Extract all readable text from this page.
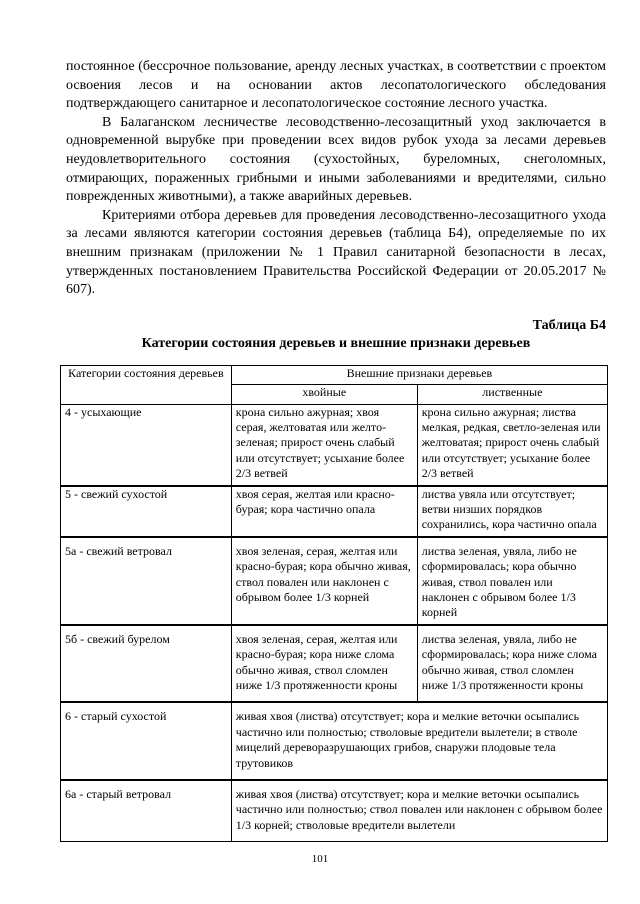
постоянное (бессрочное пользование, аренду лесных участках, в соответствии с проектом освоения лесов и на основании актов лесопатологического обследования подтверждающего санитарное и лесопатологическое состояние лесного участка.

В Балаганском лесничестве лесоводственно-лесозащитный уход заключается в одновременной вырубке при проведении всех видов рубок ухода за лесами деревьев неудовлетворительного состояния (сухостойных, буреломных, снеголомных, отмирающих, пораженных грибными и иными заболеваниями и вредителями, сильно поврежденных животными), а также аварийных деревьев.

Критериями отбора деревьев для проведения лесоводственно-лесозащитного ухода за лесами являются категории состояния деревьев (таблица Б4), определяемые по их внешним признакам (приложении № 1 Правил санитарной безопасности в лесах, утвержденных постановлением Правительства Российской Федерации от 20.05.2017 № 607).

Таблица Б4
Категории состояния деревьев и внешние признаки деревьев
Категории состояния деревьев	Внешние признаки деревьев	
	хвойные	лиственные
4 - усыхающие	крона сильно ажурная; хвоя серая, желтоватая или желто-зеленая; прирост очень слабый или отсутствует; усыхание более 2/3 ветвей	крона сильно ажурная; листва мелкая, редкая, светло-зеленая или желтоватая; прирост очень слабый или отсутствует; усыхание более 2/3 ветвей
5 - свежий сухостой	хвоя серая, желтая или красно-бурая; кора частично опала	листва увяла или отсутствует; ветви низших порядков сохранились, кора частично опала
5а - свежий ветровал	хвоя зеленая, серая, желтая или красно-бурая; кора обычно живая, ствол повален или наклонен с обрывом более 1/3 корней	листва зеленая, увяла, либо не сформировалась; кора обычно живая, ствол повален или наклонен с обрывом более 1/3 корней
5б - свежий бурелом	хвоя зеленая, серая, желтая или красно-бурая; кора ниже слома обычно живая, ствол сломлен ниже 1/3 протяженности кроны	листва зеленая, увяла, либо не сформировалась; кора ниже слома обычно живая, ствол сломлен ниже 1/3 протяженности кроны
6 - старый сухостой	живая хвоя (листва) отсутствует; кора и мелкие веточки осыпались частично или полностью; стволовые вредители вылетели; в стволе мицелий дереворазрушающих грибов, снаружи плодовые тела трутовиков	
6а - старый ветровал	живая хвоя (листва) отсутствует; кора и мелкие веточки осыпались частично или полностью; ствол повален или наклонен с обрывом более 1/3 корней; стволовые вредители вылетели	
101
